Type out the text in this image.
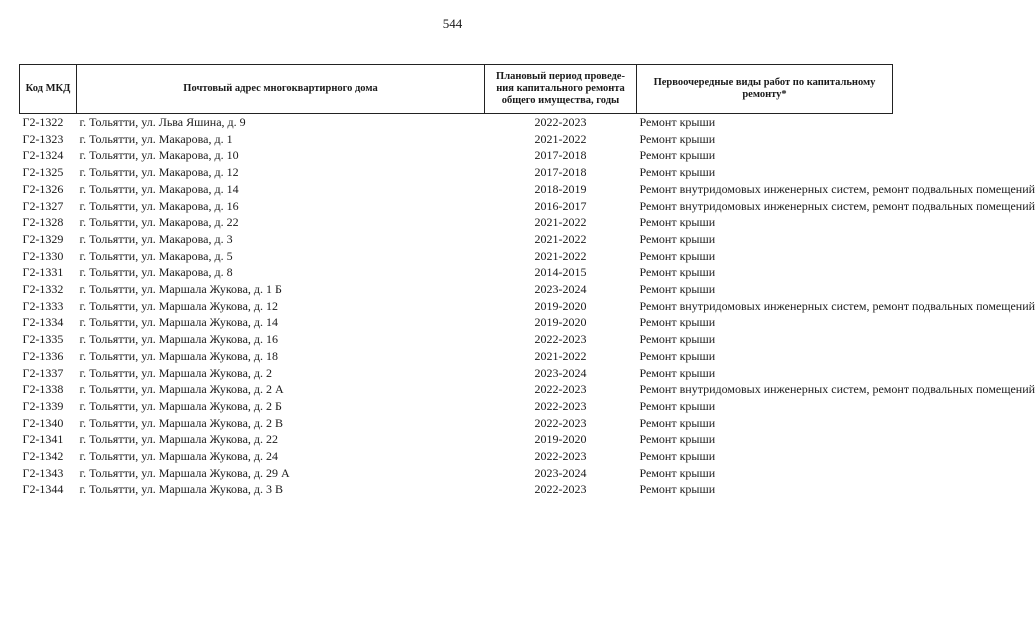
544
Код МКД	Почтовый адрес многоквартирного дома	Плановый период проведе-ния капитального ремонта общего имущества, годы	Первоочередные виды работ по капитальному ремонту*
Г2-1322	г. Тольятти, ул. Льва Яшина, д. 9	2022-2023	Ремонт крыши
Г2-1323	г. Тольятти, ул. Макарова, д. 1	2021-2022	Ремонт крыши
Г2-1324	г. Тольятти, ул. Макарова, д. 10	2017-2018	Ремонт крыши
Г2-1325	г. Тольятти, ул. Макарова, д. 12	2017-2018	Ремонт крыши
Г2-1326	г. Тольятти, ул. Макарова, д. 14	2018-2019	Ремонт внутридомовых инженерных систем, ремонт подвальных помещений
Г2-1327	г. Тольятти, ул. Макарова, д. 16	2016-2017	Ремонт внутридомовых инженерных систем, ремонт подвальных помещений
Г2-1328	г. Тольятти, ул. Макарова, д. 22	2021-2022	Ремонт крыши
Г2-1329	г. Тольятти, ул. Макарова, д. 3	2021-2022	Ремонт крыши
Г2-1330	г. Тольятти, ул. Макарова, д. 5	2021-2022	Ремонт крыши
Г2-1331	г. Тольятти, ул. Макарова, д. 8	2014-2015	Ремонт крыши
Г2-1332	г. Тольятти, ул. Маршала Жукова, д. 1 Б	2023-2024	Ремонт крыши
Г2-1333	г. Тольятти, ул. Маршала Жукова, д. 12	2019-2020	Ремонт внутридомовых инженерных систем, ремонт подвальных помещений
Г2-1334	г. Тольятти, ул. Маршала Жукова, д. 14	2019-2020	Ремонт крыши
Г2-1335	г. Тольятти, ул. Маршала Жукова, д. 16	2022-2023	Ремонт крыши
Г2-1336	г. Тольятти, ул. Маршала Жукова, д. 18	2021-2022	Ремонт крыши
Г2-1337	г. Тольятти, ул. Маршала Жукова, д. 2	2023-2024	Ремонт крыши
Г2-1338	г. Тольятти, ул. Маршала Жукова, д. 2 А	2022-2023	Ремонт внутридомовых инженерных систем, ремонт подвальных помещений
Г2-1339	г. Тольятти, ул. Маршала Жукова, д. 2 Б	2022-2023	Ремонт крыши
Г2-1340	г. Тольятти, ул. Маршала Жукова, д. 2 В	2022-2023	Ремонт крыши
Г2-1341	г. Тольятти, ул. Маршала Жукова, д. 22	2019-2020	Ремонт крыши
Г2-1342	г. Тольятти, ул. Маршала Жукова, д. 24	2022-2023	Ремонт крыши
Г2-1343	г. Тольятти, ул. Маршала Жукова, д. 29 А	2023-2024	Ремонт крыши
Г2-1344	г. Тольятти, ул. Маршала Жукова, д. 3 В	2022-2023	Ремонт крыши
